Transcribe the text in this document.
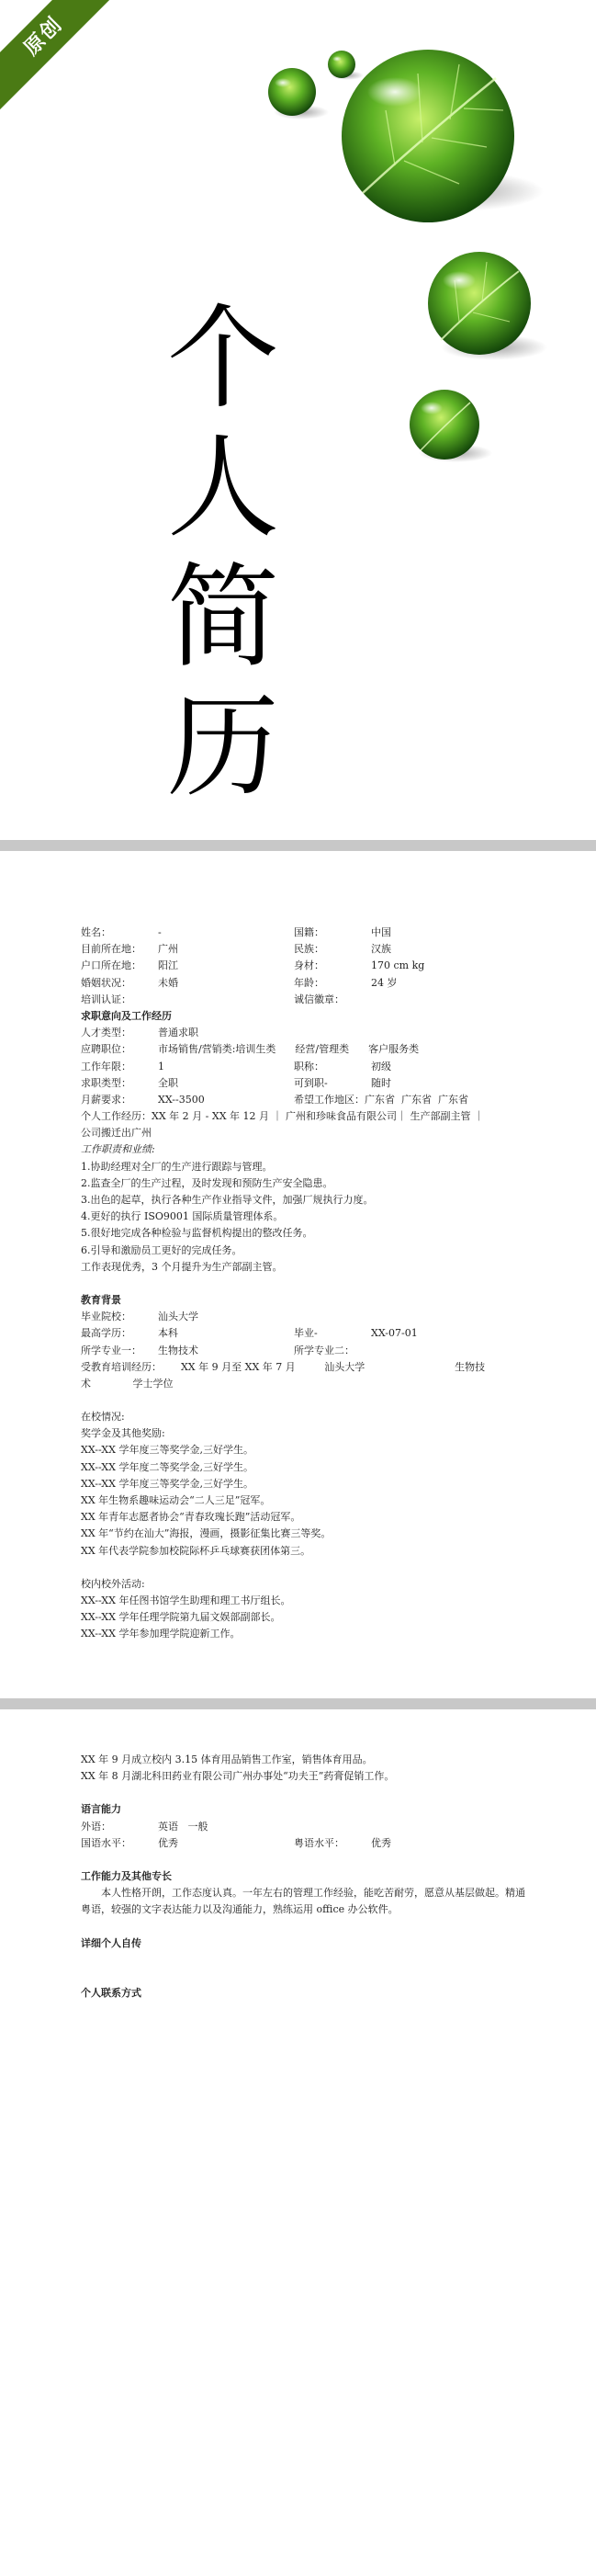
原创
个
人
简
历
姓名：	-	国籍：	中国
目前所在地：	广州	民族：	汉族
户口所在地：	阳江	身材：	170 cm kg
婚姻状况：	未婚	年龄：	24 岁
培训认证：	诚信徽章：
求职意向及工作经历
人才类型：	普通求职
应聘职位：	市场销售/营销类:培训生类      经营/管理类      客户服务类
工作年限：	1	职称：	初级
求职类型：	全职	可到职-	随时
月薪要求：	XX--3500	希望工作地区： 广东省  广东省  广东省
个人工作经历：XX 年 2 月 - XX 年 12 月 ｜ 广州和珍味食品有限公司｜ 生产部副主管 ｜
公司搬迁出广州
工作职责和业绩:
1.协助经理对全厂的生产进行跟踪与管理。
2.监查全厂的生产过程，及时发现和预防生产安全隐患。
3.出色的起草，执行各种生产作业指导文件，加强厂规执行力度。
4.更好的执行 ISO9001 国际质量管理体系。
5.很好地完成各种检验与监督机构提出的整改任务。
6.引导和激励员工更好的完成任务。
工作表现优秀，3 个月提升为生产部副主管。
教育背景
毕业院校：	汕头大学
最高学历：	本科	毕业-	XX-07-01
所学专业一：	生物技术	所学专业二：
受教育培训经历：      XX 年 9 月至 XX 年 7 月         汕头大学                            生物技
术             学士学位
在校情况:
奖学金及其他奖励:
XX--XX 学年度三等奖学金,三好学生。
XX--XX 学年度二等奖学金,三好学生。
XX--XX 学年度三等奖学金,三好学生。
XX 年生物系趣味运动会“二人三足”冠军。
XX 年青年志愿者协会“青春玫瑰长跑”活动冠军。
XX 年“节约在汕大”海报，漫画，摄影征集比赛三等奖。
XX 年代表学院参加校院际杯乒乓球赛获团体第三。
校内校外活动:
XX--XX 年任图书馆学生助理和理工书厅组长。
XX--XX 学年任理学院第九届文娱部副部长。
XX--XX 学年参加理学院迎新工作。
XX 年 9 月成立校内 3.15 体育用品销售工作室，销售体育用品。
XX 年 8 月湖北科田药业有限公司广州办事处“功夫王”药膏促销工作。
语言能力
外语：	英语   一般
国语水平：	优秀	粤语水平：	优秀
工作能力及其他专长
本人性格开朗，工作态度认真。一年左右的管理工作经验，能吃苦耐劳，愿意从基层做起。精通粤语，较强的文字表达能力以及沟通能力，熟练运用 office 办公软件。
详细个人自传
个人联系方式
